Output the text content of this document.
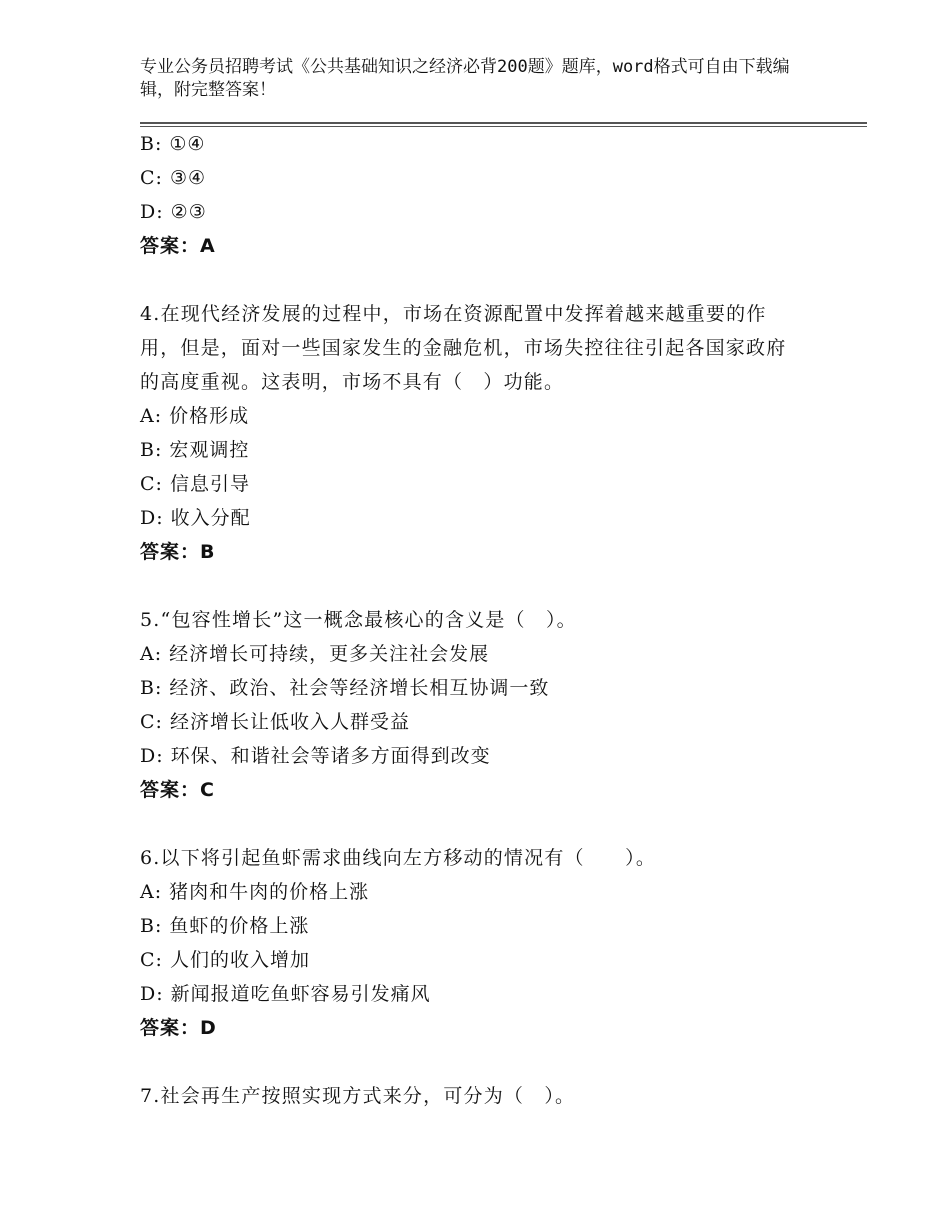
专业公务员招聘考试《公共基础知识之经济必背200题》题库，word格式可自由下载编辑，附完整答案！
B: ①④
C: ③④
D: ②③
答案：A
4.在现代经济发展的过程中，市场在资源配置中发挥着越来越重要的作用，但是，面对一些国家发生的金融危机，市场失控往往引起各国家政府的高度重视。这表明，市场不具有（　）功能。
A: 价格形成
B: 宏观调控
C: 信息引导
D: 收入分配
答案：B
5.“包容性增长”这一概念最核心的含义是（　）。
A: 经济增长可持续，更多关注社会发展
B: 经济、政治、社会等经济增长相互协调一致
C: 经济增长让低收入人群受益
D: 环保、和谐社会等诸多方面得到改变
答案：C
6.以下将引起鱼虾需求曲线向左方移动的情况有（　　）。
A: 猪肉和牛肉的价格上涨
B: 鱼虾的价格上涨
C: 人们的收入增加
D: 新闻报道吃鱼虾容易引发痛风
答案：D
7.社会再生产按照实现方式来分，可分为（　）。
